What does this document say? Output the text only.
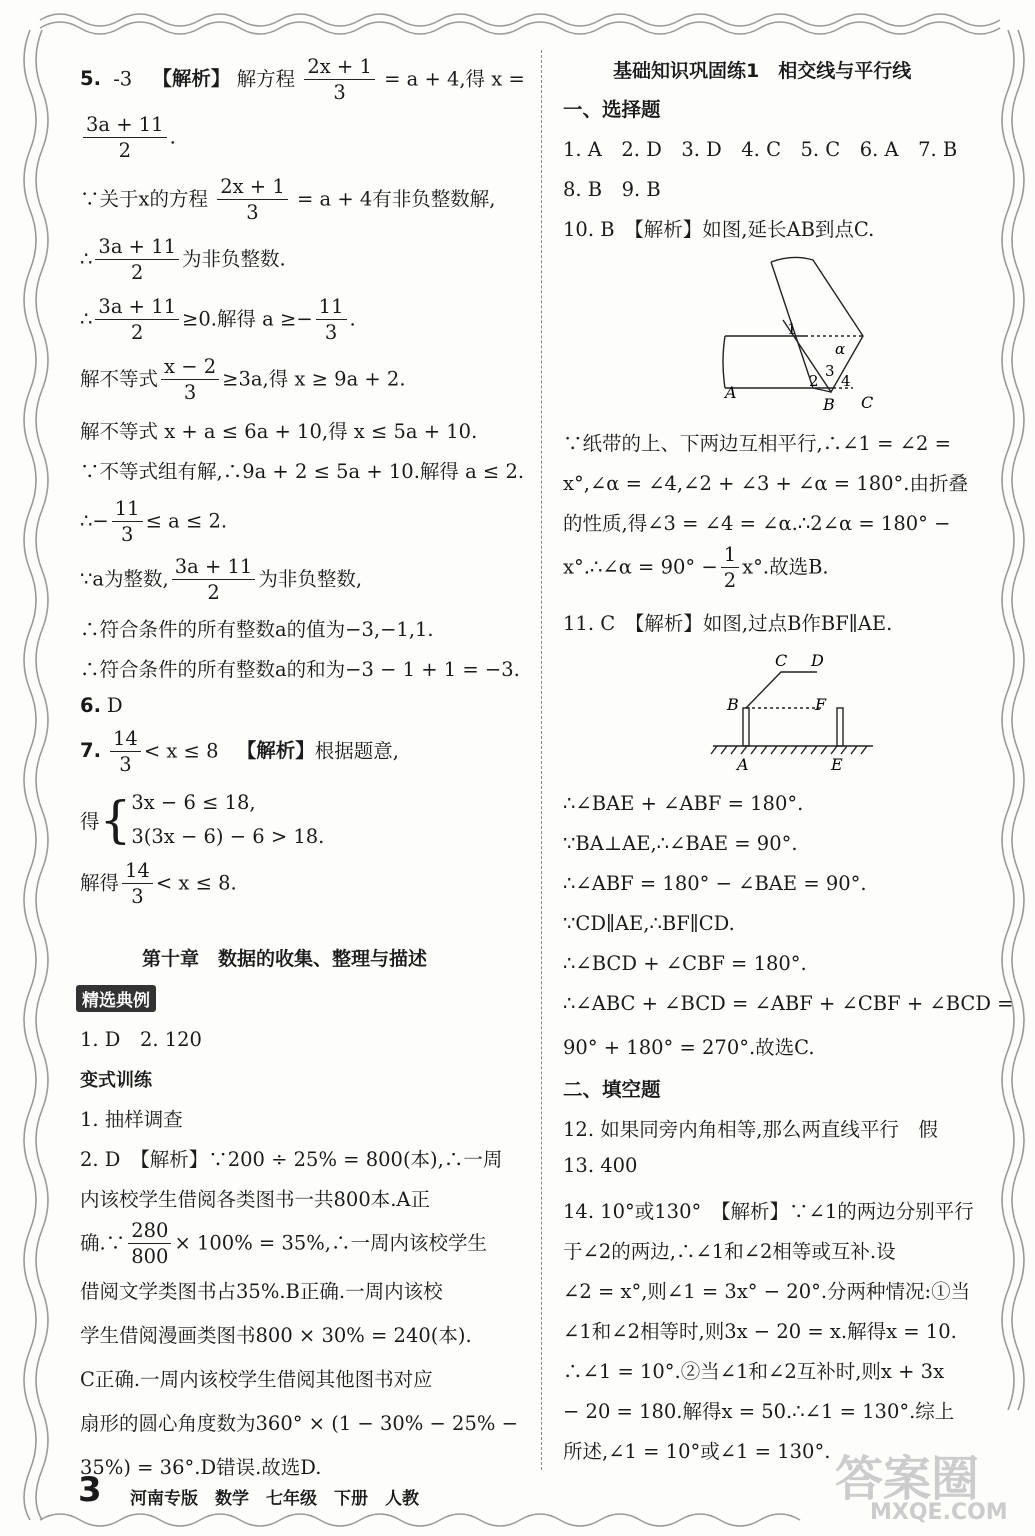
5. -3 【解析】 解方程 $\frac{2x + 1}{3} = a + 4$,得 x =
$\frac{3a + 11}{2}$ .
∵关于x的方程 $\frac{2x + 1}{3} = a + 4$有非负整数解,
∴ $\frac{3a + 11}{2}$ 为非负整数.
∴ $\frac{3a + 11}{2} \ge 0$.解得 $a \ge- \frac{11}{3}$ .
解不等式 $\frac{x - 2}{3} \ge 3a$,得 x ≥ 9a + 2.
解不等式 x + a ≤ 6a + 10,得 x ≤ 5a + 10.
∵不等式组有解,∴9a + 2 ≤ 5a + 10.解得 a ≤ 2.
∴− $\frac{11}{3} \le a \le 2$.
∵a为整数, $\frac{3a + 11}{2}$ 为非负整数,
∴符合条件的所有整数a的值为−3,−1,1.
∴符合条件的所有整数a的和为−3 − 1 + 1 = −3.
6. D
7. $\frac{14}{3} < x \le 8$ 【解析】根据题意,
得{3x − 6 ≤ 18,
3(3x − 6) − 6 > 18.
解得 $\frac{14}{3} < x \le 8$.
第十章　数据的收集、整理与描述
精选典例
1. D　2. 120
变式训练
1. 抽样调查
2. D　【解析】∵200 ÷ 25% = 800(本),∴一周
内该校学生借阅各类图书一共800本.A正
确.∵ $\frac{280}{800} \times 100\%$ = 35%,∴一周内该校学生
借阅文学类图书占35%.B正确.一周内该校
学生借阅漫画类图书800 × 30% = 240(本).
C正确.一周内该校学生借阅其他图书对应
扇形的圆心角度数为360° × (1 − 30% − 25% −
35%) = 36°.D错误.故选D.
基础知识巩固练1　相交线与平行线
一、选择题
1. A　2. D　3. D　4. C　5. C　6. A　7. B
8. B　9. B
10. B　【解析】如图,延长AB到点C.
1
α
3
2 4
A
B C
∵纸带的上、下两边互相平行,∴∠1 = ∠2 =
x°,∠α = ∠4,∠2 + ∠3 + ∠α = 180°.由折叠
的性质,得∠3 = ∠4 = ∠α.∴2∠α = 180° −
x°.∴∠α = $90^\circ - \frac{1}{2} x^\circ$.故选B.
11. C　【解析】如图,过点B作BF∥AE.
C D
B	F
A	E
∴∠BAE + ∠ABF = 180°.
∵BA⊥AE,∴∠BAE = 90°.
∴∠ABF = 180° − ∠BAE = 90°.
∵CD∥AE,∴BF∥CD.
∴∠BCD + ∠CBF = 180°.
∴∠ABC + ∠BCD = ∠ABF + ∠CBF + ∠BCD =
90° + 180° = 270°.故选C.
二、填空题
12. 如果同旁内角相等,那么两直线平行　假
13. 400
14. 10°或130°　【解析】∵∠1的两边分别平行
于∠2的两边,∴∠1和∠2相等或互补.设
∠2 = x°,则∠1 = 3x° − 20°.分两种情况:①当
∠1和∠2相等时,则3x − 20 = x.解得x = 10.
∴∠1 = 10°.②当∠1和∠2互补时,则x + 3x
− 20 = 180.解得x = 50.∴∠1 = 130°.综上
所述,∠1 = 10°或∠1 = 130°.
3 河南专版　数学　七年级　下册　人教	答案圈
MXQE.COM
